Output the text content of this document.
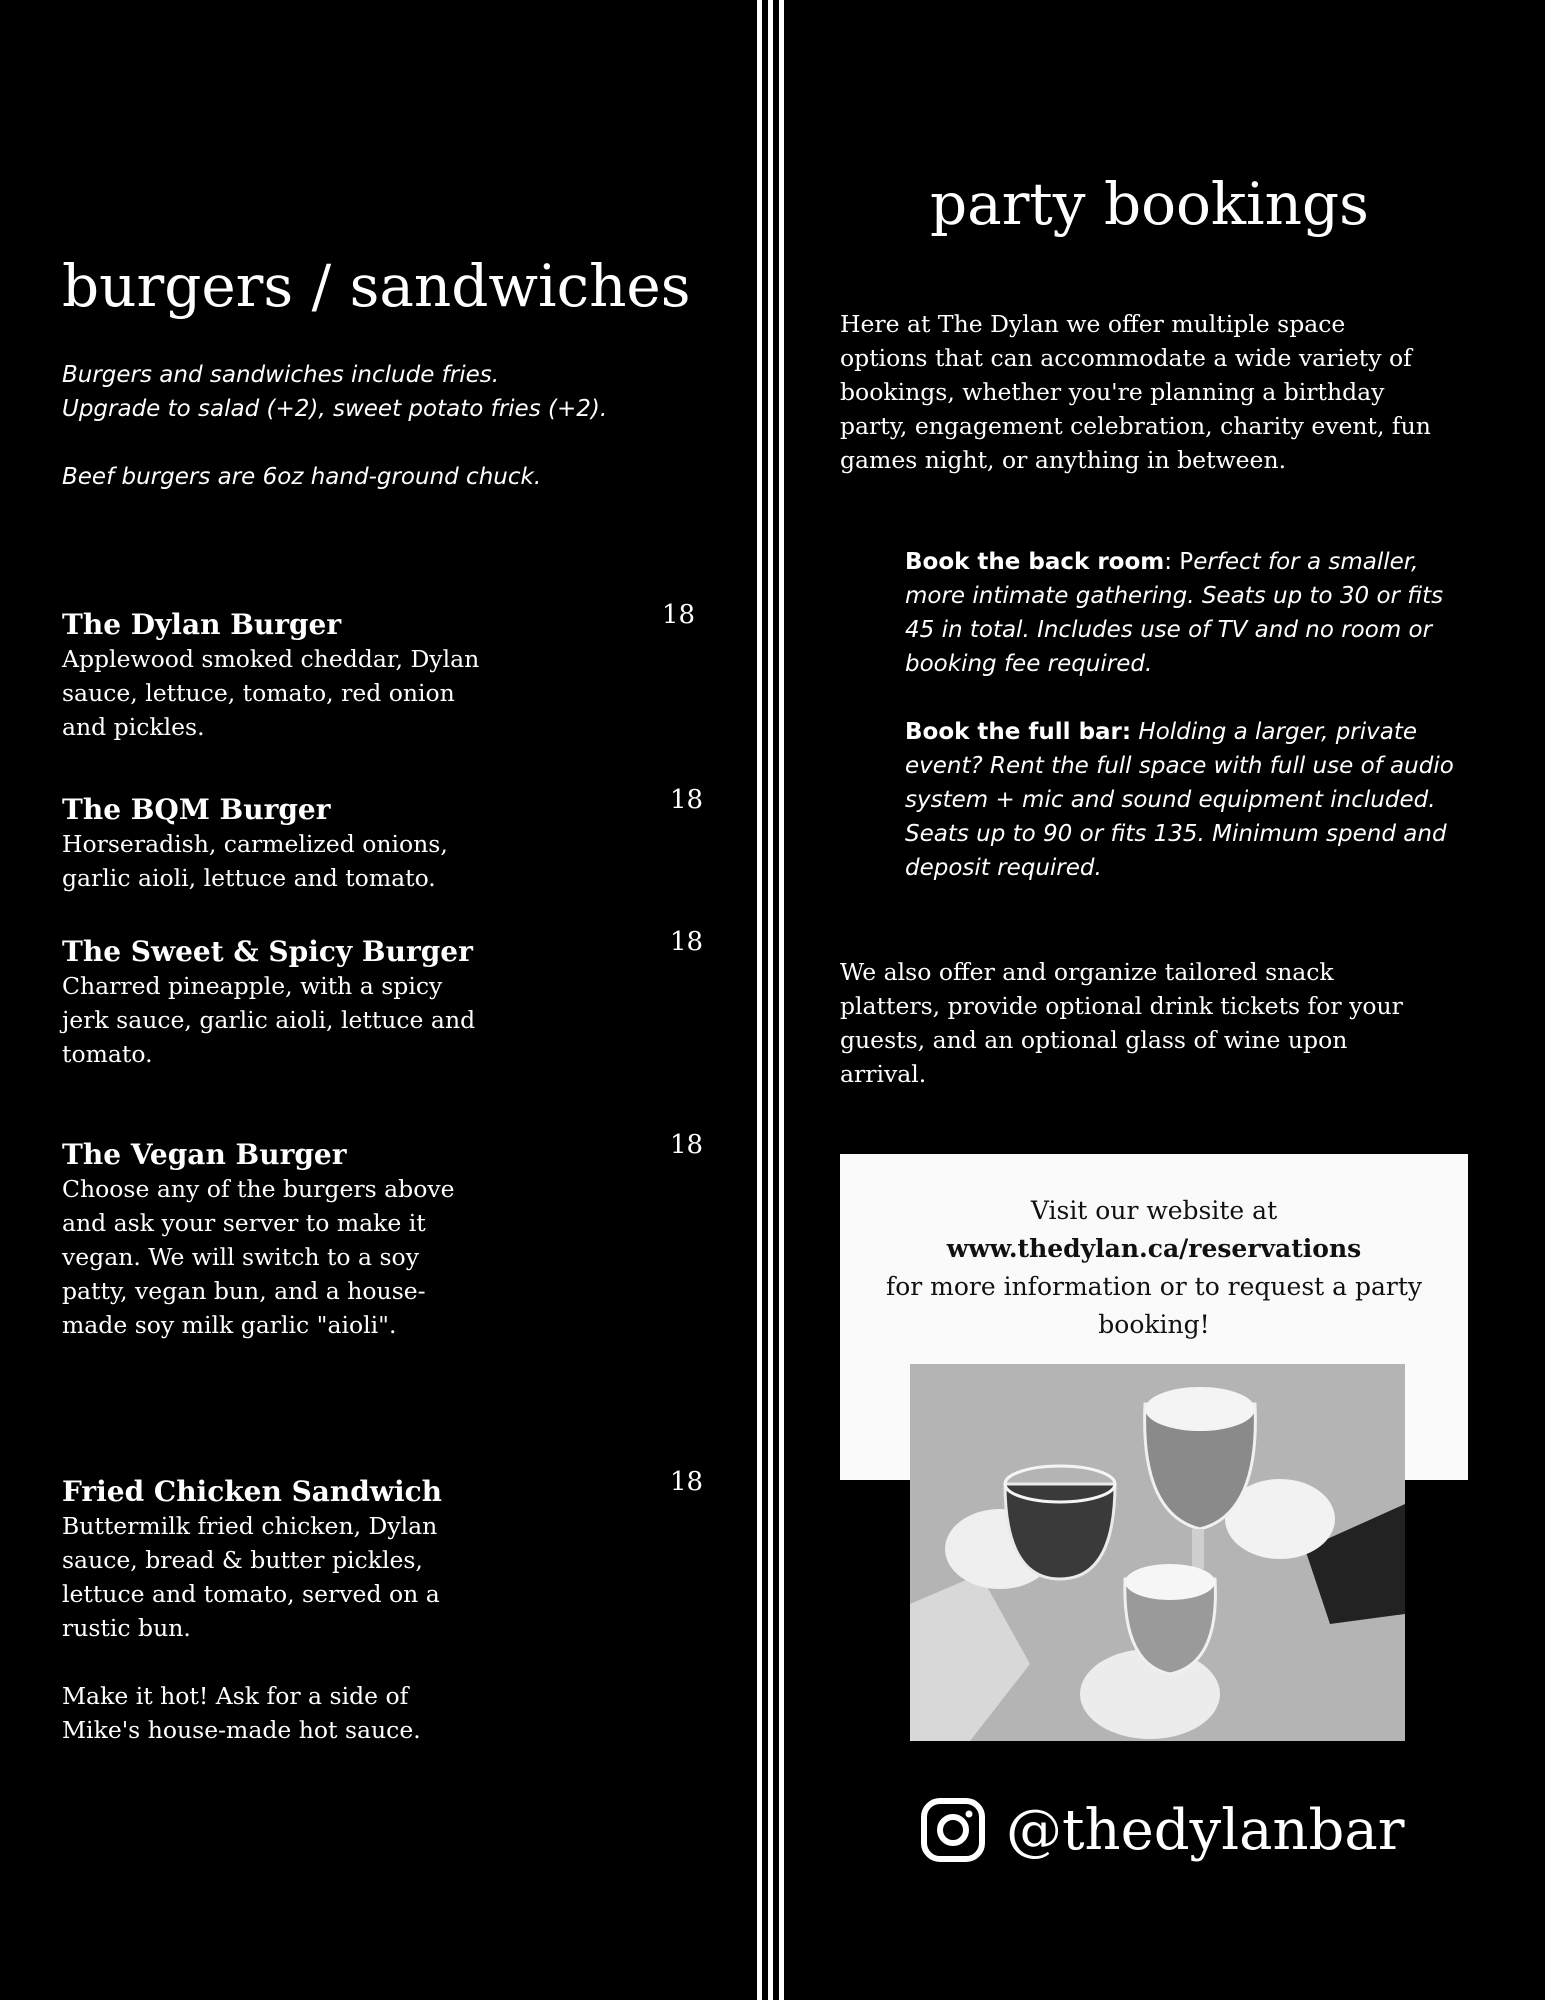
burgers / sandwiches

Burgers and sandwiches include fries.
Upgrade to salad (+2), sweet potato fries (+2).

Beef burgers are 6oz hand-ground chuck.

The Dylan Burger	18

Applewood smoked cheddar, Dylan
sauce, lettuce, tomato, red onion
and pickles.

The BQM Burger	18

Horseradish, carmelized onions,
garlic aioli, lettuce and tomato.

The Sweet & Spicy Burger	18

Charred pineapple, with a spicy
jerk sauce, garlic aioli, lettuce and
tomato.

The Vegan Burger	18

Choose any of the burgers above
and ask your server to make it
vegan. We will switch to a soy
patty, vegan bun, and a house-
made soy milk garlic "aioli".

Fried Chicken Sandwich	18

Buttermilk fried chicken, Dylan
sauce, bread & butter pickles,
lettuce and tomato, served on a
rustic bun.

Make it hot! Ask for a side of
Mike's house-made hot sauce.

party bookings

Here at The Dylan we offer multiple space
options that can accommodate a wide variety of
bookings, whether you're planning a birthday
party, engagement celebration, charity event, fun
games night, or anything in between.

Book the back room: Perfect for a smaller,
more intimate gathering. Seats up to 30 or fits
45 in total. Includes use of TV and no room or
booking fee required.

Book the full bar: Holding a larger, private
event? Rent the full space with full use of audio
system + mic and sound equipment included.
Seats up to 90 or fits 135. Minimum spend and
deposit required.

We also offer and organize tailored snack
platters, provide optional drink tickets for your
guests, and an optional glass of wine upon
arrival.

Visit our website at

www.thedylan.ca/reservations
for more information or to request a party
booking!
@thedylanbar
